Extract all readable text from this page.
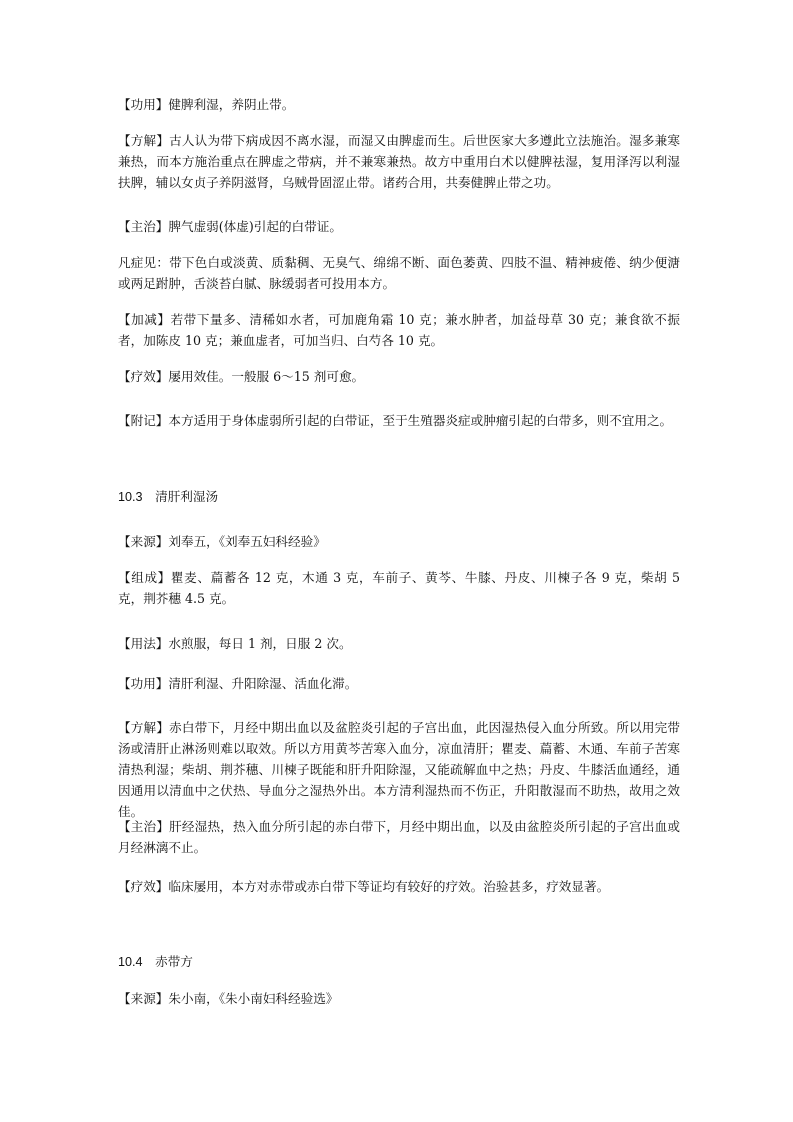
【功用】健脾利湿，养阴止带。

【方解】古人认为带下病成因不离水湿，而湿又由脾虚而生。后世医家大多遵此立法施治。湿多兼寒兼热，而本方施治重点在脾虚之带病，并不兼寒兼热。故方中重用白术以健脾祛湿，复用泽泻以利湿扶脾，辅以女贞子养阴滋肾，乌贼骨固涩止带。诸药合用，共奏健脾止带之功。

【主治】脾气虚弱(体虚)引起的白带证。

凡症见：带下色白或淡黄、质黏稠、无臭气、绵绵不断、面色萎黄、四肢不温、精神疲倦、纳少便溏或两足跗肿，舌淡苔白腻、脉缓弱者可投用本方。

【加减】若带下量多、清稀如水者，可加鹿角霜 10 克；兼水肿者，加益母草 30 克；兼食欲不振者，加陈皮 10 克；兼血虚者，可加当归、白芍各 10 克。

【疗效】屡用效佳。一般服 6～15 剂可愈。

【附记】本方适用于身体虚弱所引起的白带证，至于生殖器炎症或肿瘤引起的白带多，则不宜用之。

10.3　清肝利湿汤

【来源】刘奉五，《刘奉五妇科经验》

【组成】瞿麦、萹蓄各 12 克，木通 3 克，车前子、黄芩、牛膝、丹皮、川楝子各 9 克，柴胡 5 克，荆芥穗 4.5 克。

【用法】水煎服，每日 1 剂，日服 2 次。

【功用】清肝利湿、升阳除湿、活血化滞。

【方解】赤白带下，月经中期出血以及盆腔炎引起的子宫出血，此因湿热侵入血分所致。所以用完带汤或清肝止淋汤则难以取效。所以方用黄芩苦寒入血分，凉血清肝；瞿麦、萹蓄、木通、车前子苦寒清热利湿；柴胡、荆芥穗、川楝子既能和肝升阳除湿，又能疏解血中之热；丹皮、牛膝活血通经，通因通用以清血中之伏热、导血分之湿热外出。本方清利湿热而不伤正，升阳散湿而不助热，故用之效佳。

【主治】肝经湿热，热入血分所引起的赤白带下，月经中期出血，以及由盆腔炎所引起的子宫出血或月经淋漓不止。

【疗效】临床屡用，本方对赤带或赤白带下等证均有较好的疗效。治验甚多，疗效显著。

10.4　赤带方

【来源】朱小南，《朱小南妇科经验选》
